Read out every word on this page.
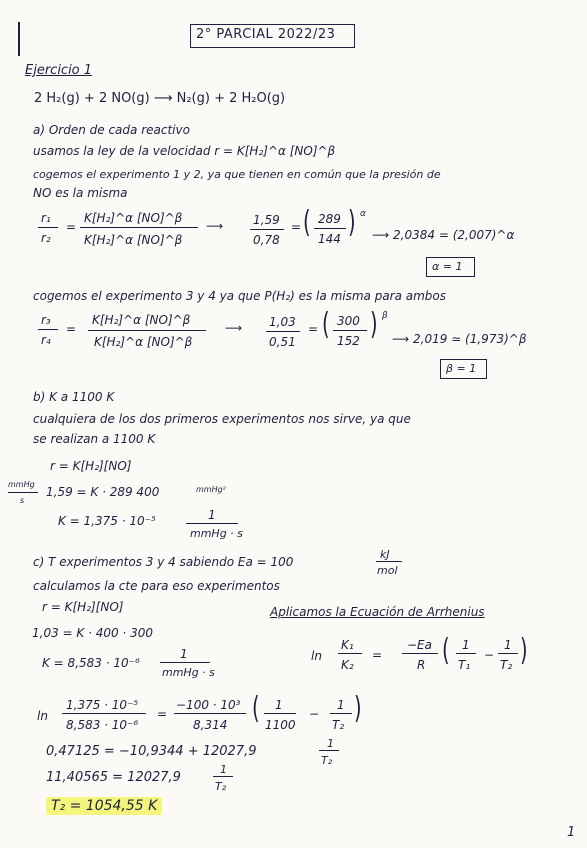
2° PARCIAL 2022/23
Ejercicio 1
2 H₂(g) + 2 NO(g) ⟶ N₂(g) + 2 H₂O(g)
a) Orden de cada reactivo
usamos la ley de la velocidad r = K[H₂]^α [NO]^β
cogemos el experimento 1 y 2, ya que tienen en común que la presión de
NO es la misma
r₁
r₂
=
K[H₂]^α [NO]^β
K[H₂]^α [NO]^β
⟶ 1,59
0,78
= ( 289
144 ) α
⟶ 2,0384 = (2,007)^α
α = 1
cogemos el experimento 3 y 4 ya que P(H₂) es la misma para ambos
r₃
r₄
=
K[H₂]^α [NO]^β
K[H₂]^α [NO]^β
⟶ 1,03
0,51
= ( 300
152 ) β
⟶ 2,019 ≃ (1,973)^β
β = 1
b) K a 1100 K
cualquiera de los dos primeros experimentos nos sirve, ya que
se realizan a 1100 K
r = K[H₂][NO]
mmHg
s
1,59 = K · 289 400	mmHg²
K = 1,375 · 10⁻⁵	1
mmHg · s
c) T experimentos 3 y 4 sabiendo Ea = 100
kJ
mol
calculamos la cte para eso experimentos
r = K[H₂][NO]	Aplicamos la Ecuación de Arrhenius
1,03 = K · 400 · 300
K = 8,583 · 10⁻⁶
1
mmHg · s
ln
K₁
K₂
=
−Ea
R ( 1
T₁
−
1
T₂ )
ln
1,375 · 10⁻⁵
8,583 · 10⁻⁶
=
−100 · 10³
8,314 ( 1
1100
−
1
T₂ )
0,47125 = −10,9344 + 12027,9
1
T₂
11,40565 = 12027,9
1
T₂
T₂ = 1054,55 K
1
